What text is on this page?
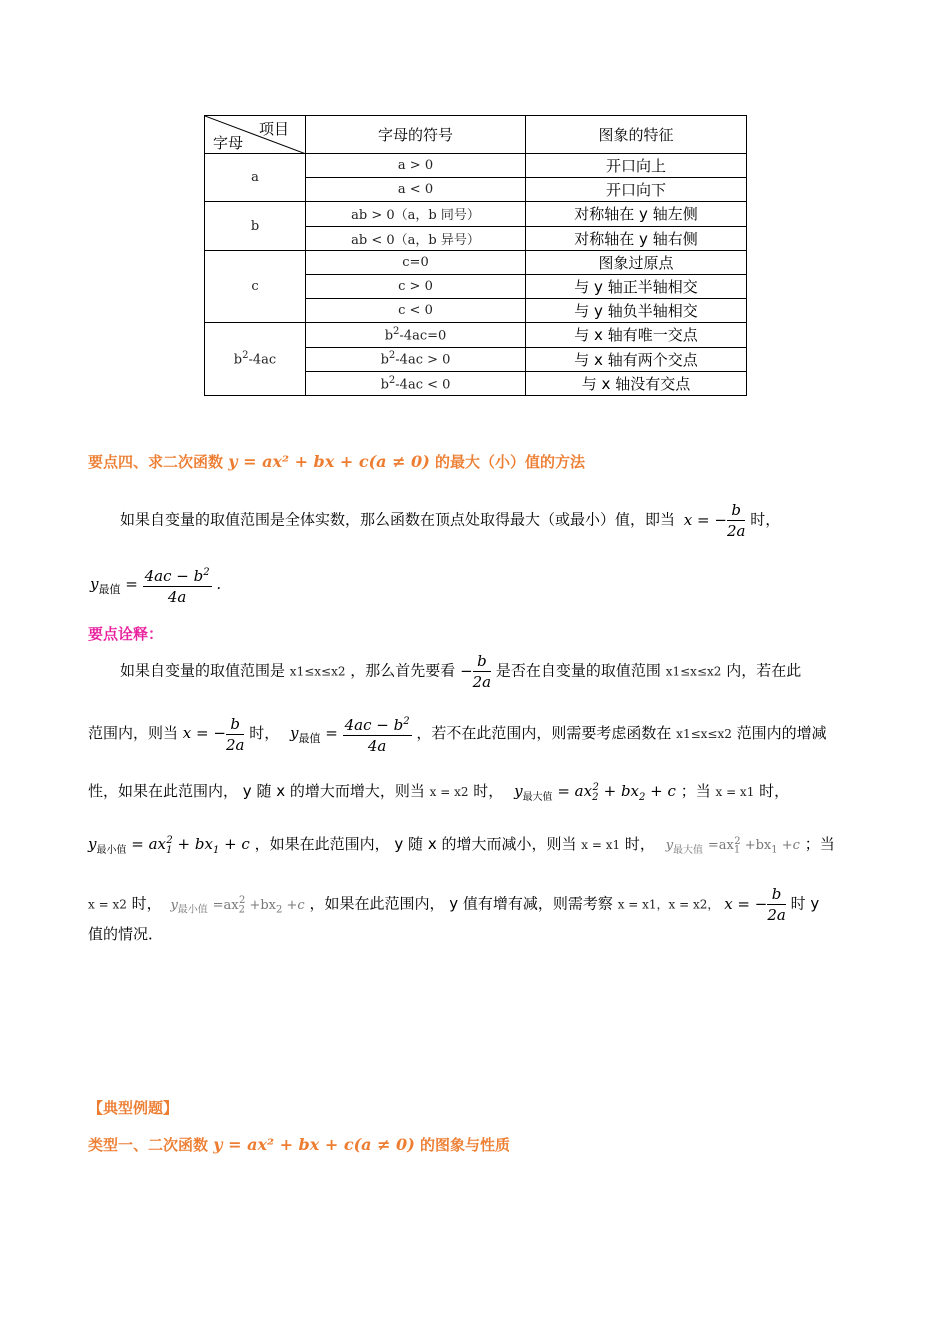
项目
字母	字母的符号	图象的特征
a	a > 0	开口向上
	a < 0	开口向下
b	ab > 0（a，b 同号）	对称轴在 y 轴左侧
	ab < 0（a，b 异号）	对称轴在 y 轴右侧
c	c=0	图象过原点
	c > 0	与 y 轴正半轴相交
	c < 0	与 y 轴负半轴相交
$b^2-4ac$	$b^2-4ac=0$	与 x 轴有唯一交点
	$b^2-4ac > 0$	与 x 轴有两个交点
	$b^2-4ac < 0$	与 x 轴没有交点
要点四、求二次函数 y = ax² + bx + c(a ≠ 0) 的最大（小）值的方法
如果自变量的取值范围是全体实数，那么函数在顶点处取得最大（或最小）值，即当 x = − $\frac{b}{2a}$ 时，
$y_{最值} = \frac{4ac - b^2}{4a}$ .
要点诠释：
如果自变量的取值范围是 x1≤x≤x2 ，那么首先要看 − $\frac{b}{2a}$ 是否在自变量的取值范围 x1≤x≤x2 内，若在此
范围内，则当 x = − $\frac{b}{2a}$ 时， $y_{最值} = \frac{4ac - b^2}{4a}$ ，若不在此范围内，则需要考虑函数在 x1≤x≤x2 范围内的增减
性，如果在此范围内， y 随 x 的增大而增大，则当 x = x2 时， $y_{最大值} = ax_2^2 + bx_2 + c$ ；当 x = x1 时，
$y_{最小值} = ax_1^2 + bx_1 + c$ ，如果在此范围内， y 随 x 的增大而减小，则当 x = x1 时， $y_{最大值} =ax_1^2 +bx_1 +c$ ；当
x = x2 时， $y_{最小值} =ax_2^2 +bx_2 +c$ ，如果在此范围内， y 值有增有减，则需考察 x = x1，x = x2， x = − $\frac{b}{2a}$ 时 y
值的情况．
【典型例题】
类型一、二次函数 y = ax² + bx + c(a ≠ 0) 的图象与性质
